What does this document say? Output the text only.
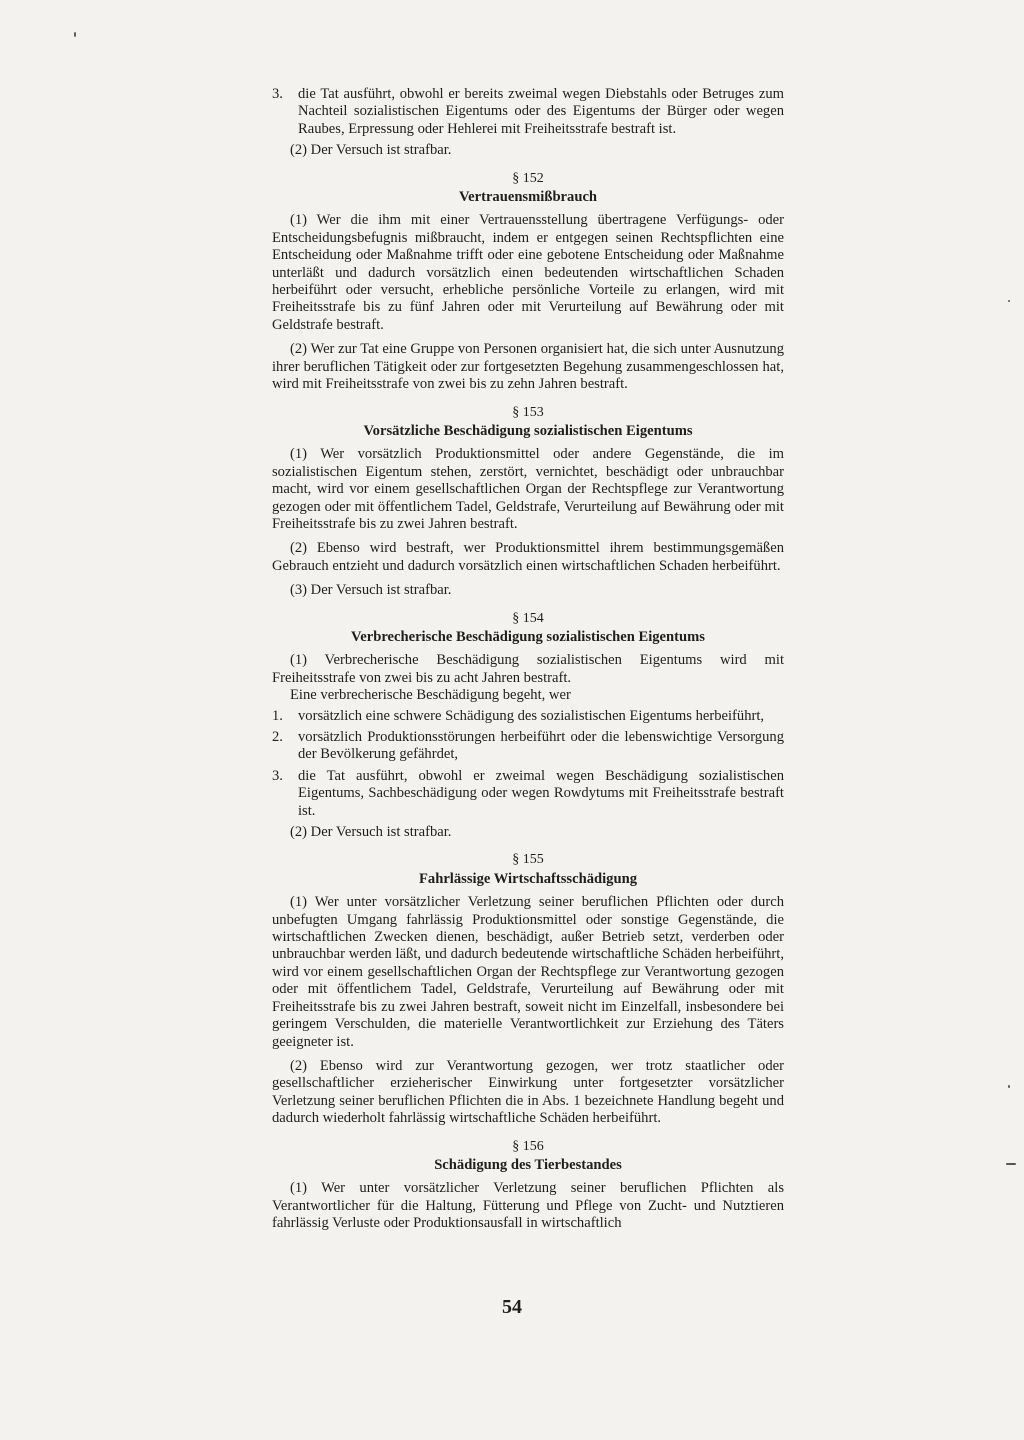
3.	die Tat ausführt, obwohl er bereits zweimal wegen Diebstahls oder Betruges zum Nachteil sozialistischen Eigentums oder des Eigentums der Bürger oder wegen Raubes, Erpressung oder Hehlerei mit Freiheitsstrafe bestraft ist.

(2) Der Versuch ist strafbar.

§ 152
Vertrauensmißbrauch

(1) Wer die ihm mit einer Vertrauensstellung übertragene Verfügungs- oder Entscheidungsbefugnis mißbraucht, indem er entgegen seinen Rechtspflichten eine Entscheidung oder Maßnahme trifft oder eine gebotene Entscheidung oder Maßnahme unterläßt und dadurch vorsätzlich einen bedeutenden wirtschaftlichen Schaden herbeiführt oder versucht, erhebliche persönliche Vorteile zu erlangen, wird mit Freiheitsstrafe bis zu fünf Jahren oder mit Verurteilung auf Bewährung oder mit Geldstrafe bestraft.

(2) Wer zur Tat eine Gruppe von Personen organisiert hat, die sich unter Ausnutzung ihrer beruflichen Tätigkeit oder zur fortgesetzten Begehung zusammengeschlossen hat, wird mit Freiheitsstrafe von zwei bis zu zehn Jahren bestraft.

§ 153
Vorsätzliche Beschädigung sozialistischen Eigentums

(1) Wer vorsätzlich Produktionsmittel oder andere Gegenstände, die im sozialistischen Eigentum stehen, zerstört, vernichtet, beschädigt oder unbrauchbar macht, wird vor einem gesellschaftlichen Organ der Rechtspflege zur Verantwortung gezogen oder mit öffentlichem Tadel, Geldstrafe, Verurteilung auf Bewährung oder mit Freiheitsstrafe bis zu zwei Jahren bestraft.

(2) Ebenso wird bestraft, wer Produktionsmittel ihrem bestimmungsgemäßen Gebrauch entzieht und dadurch vorsätzlich einen wirtschaftlichen Schaden herbeiführt.

(3) Der Versuch ist strafbar.

§ 154
Verbrecherische Beschädigung sozialistischen Eigentums

(1) Verbrecherische Beschädigung sozialistischen Eigentums wird mit Freiheitsstrafe von zwei bis zu acht Jahren bestraft.

Eine verbrecherische Beschädigung begeht, wer

1.	vorsätzlich eine schwere Schädigung des sozialistischen Eigentums herbeiführt,
2.	vorsätzlich Produktionsstörungen herbeiführt oder die lebenswichtige Versorgung der Bevölkerung gefährdet,
3.	die Tat ausführt, obwohl er zweimal wegen Beschädigung sozialistischen Eigentums, Sachbeschädigung oder wegen Rowdytums mit Freiheitsstrafe bestraft ist.

(2) Der Versuch ist strafbar.

§ 155
Fahrlässige Wirtschaftsschädigung

(1) Wer unter vorsätzlicher Verletzung seiner beruflichen Pflichten oder durch unbefugten Umgang fahrlässig Produktionsmittel oder sonstige Gegenstände, die wirtschaftlichen Zwecken dienen, beschädigt, außer Betrieb setzt, verderben oder unbrauchbar werden läßt, und dadurch bedeutende wirtschaftliche Schäden herbeiführt, wird vor einem gesellschaftlichen Organ der Rechtspflege zur Verantwortung gezogen oder mit öffentlichem Tadel, Geldstrafe, Verurteilung auf Bewährung oder mit Freiheitsstrafe bis zu zwei Jahren bestraft, soweit nicht im Einzelfall, insbesondere bei geringem Verschulden, die materielle Verantwortlichkeit zur Erziehung des Täters geeigneter ist.

(2) Ebenso wird zur Verantwortung gezogen, wer trotz staatlicher oder gesellschaftlicher erzieherischer Einwirkung unter fortgesetzter vorsätzlicher Verletzung seiner beruflichen Pflichten die in Abs. 1 bezeichnete Handlung begeht und dadurch wiederholt fahrlässig wirtschaftliche Schäden herbeiführt.

§ 156
Schädigung des Tierbestandes

(1) Wer unter vorsätzlicher Verletzung seiner beruflichen Pflichten als Verantwortlicher für die Haltung, Fütterung und Pflege von Zucht- und Nutztieren fahrlässig Verluste oder Produktionsausfall in wirtschaftlich

54
